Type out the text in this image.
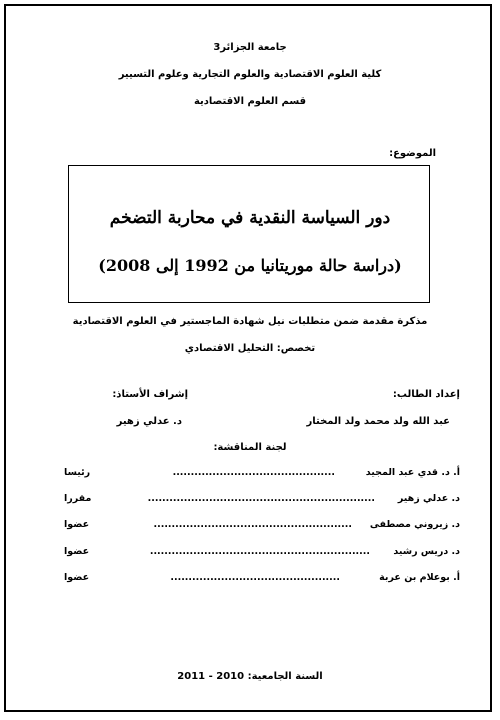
جامعة الجزائر3
كلية العلوم الاقتصادية والعلوم التجارية وعلوم التسيير
قسم العلوم الاقتصادية
الموضوع:
دور السياسة النقدية في محاربة التضخم
(دراسة حالة موريتانيا من 1992 إلى 2008)
مذكرة مقدمة ضمن متطلبات نيل شهادة الماجستير في العلوم الاقتصادية
تخصص: التحليل الاقتصادي
إعداد الطالب:
إشراف الأستاذ:
عبد الله ولد محمد ولد المختار
د. عدلي زهير
لجنة المناقشة:
أ. د. قدي عبد المجيد
.............................................
رئيسا
د. عدلي زهير
...............................................................
مقررا
د. زيروني مصطفى
.......................................................
عضوا
د. دريس رشيد
.............................................................
عضوا
أ. بوعلام بن عربة
...............................................
عضوا
السنة الجامعية: 2010 - 2011
